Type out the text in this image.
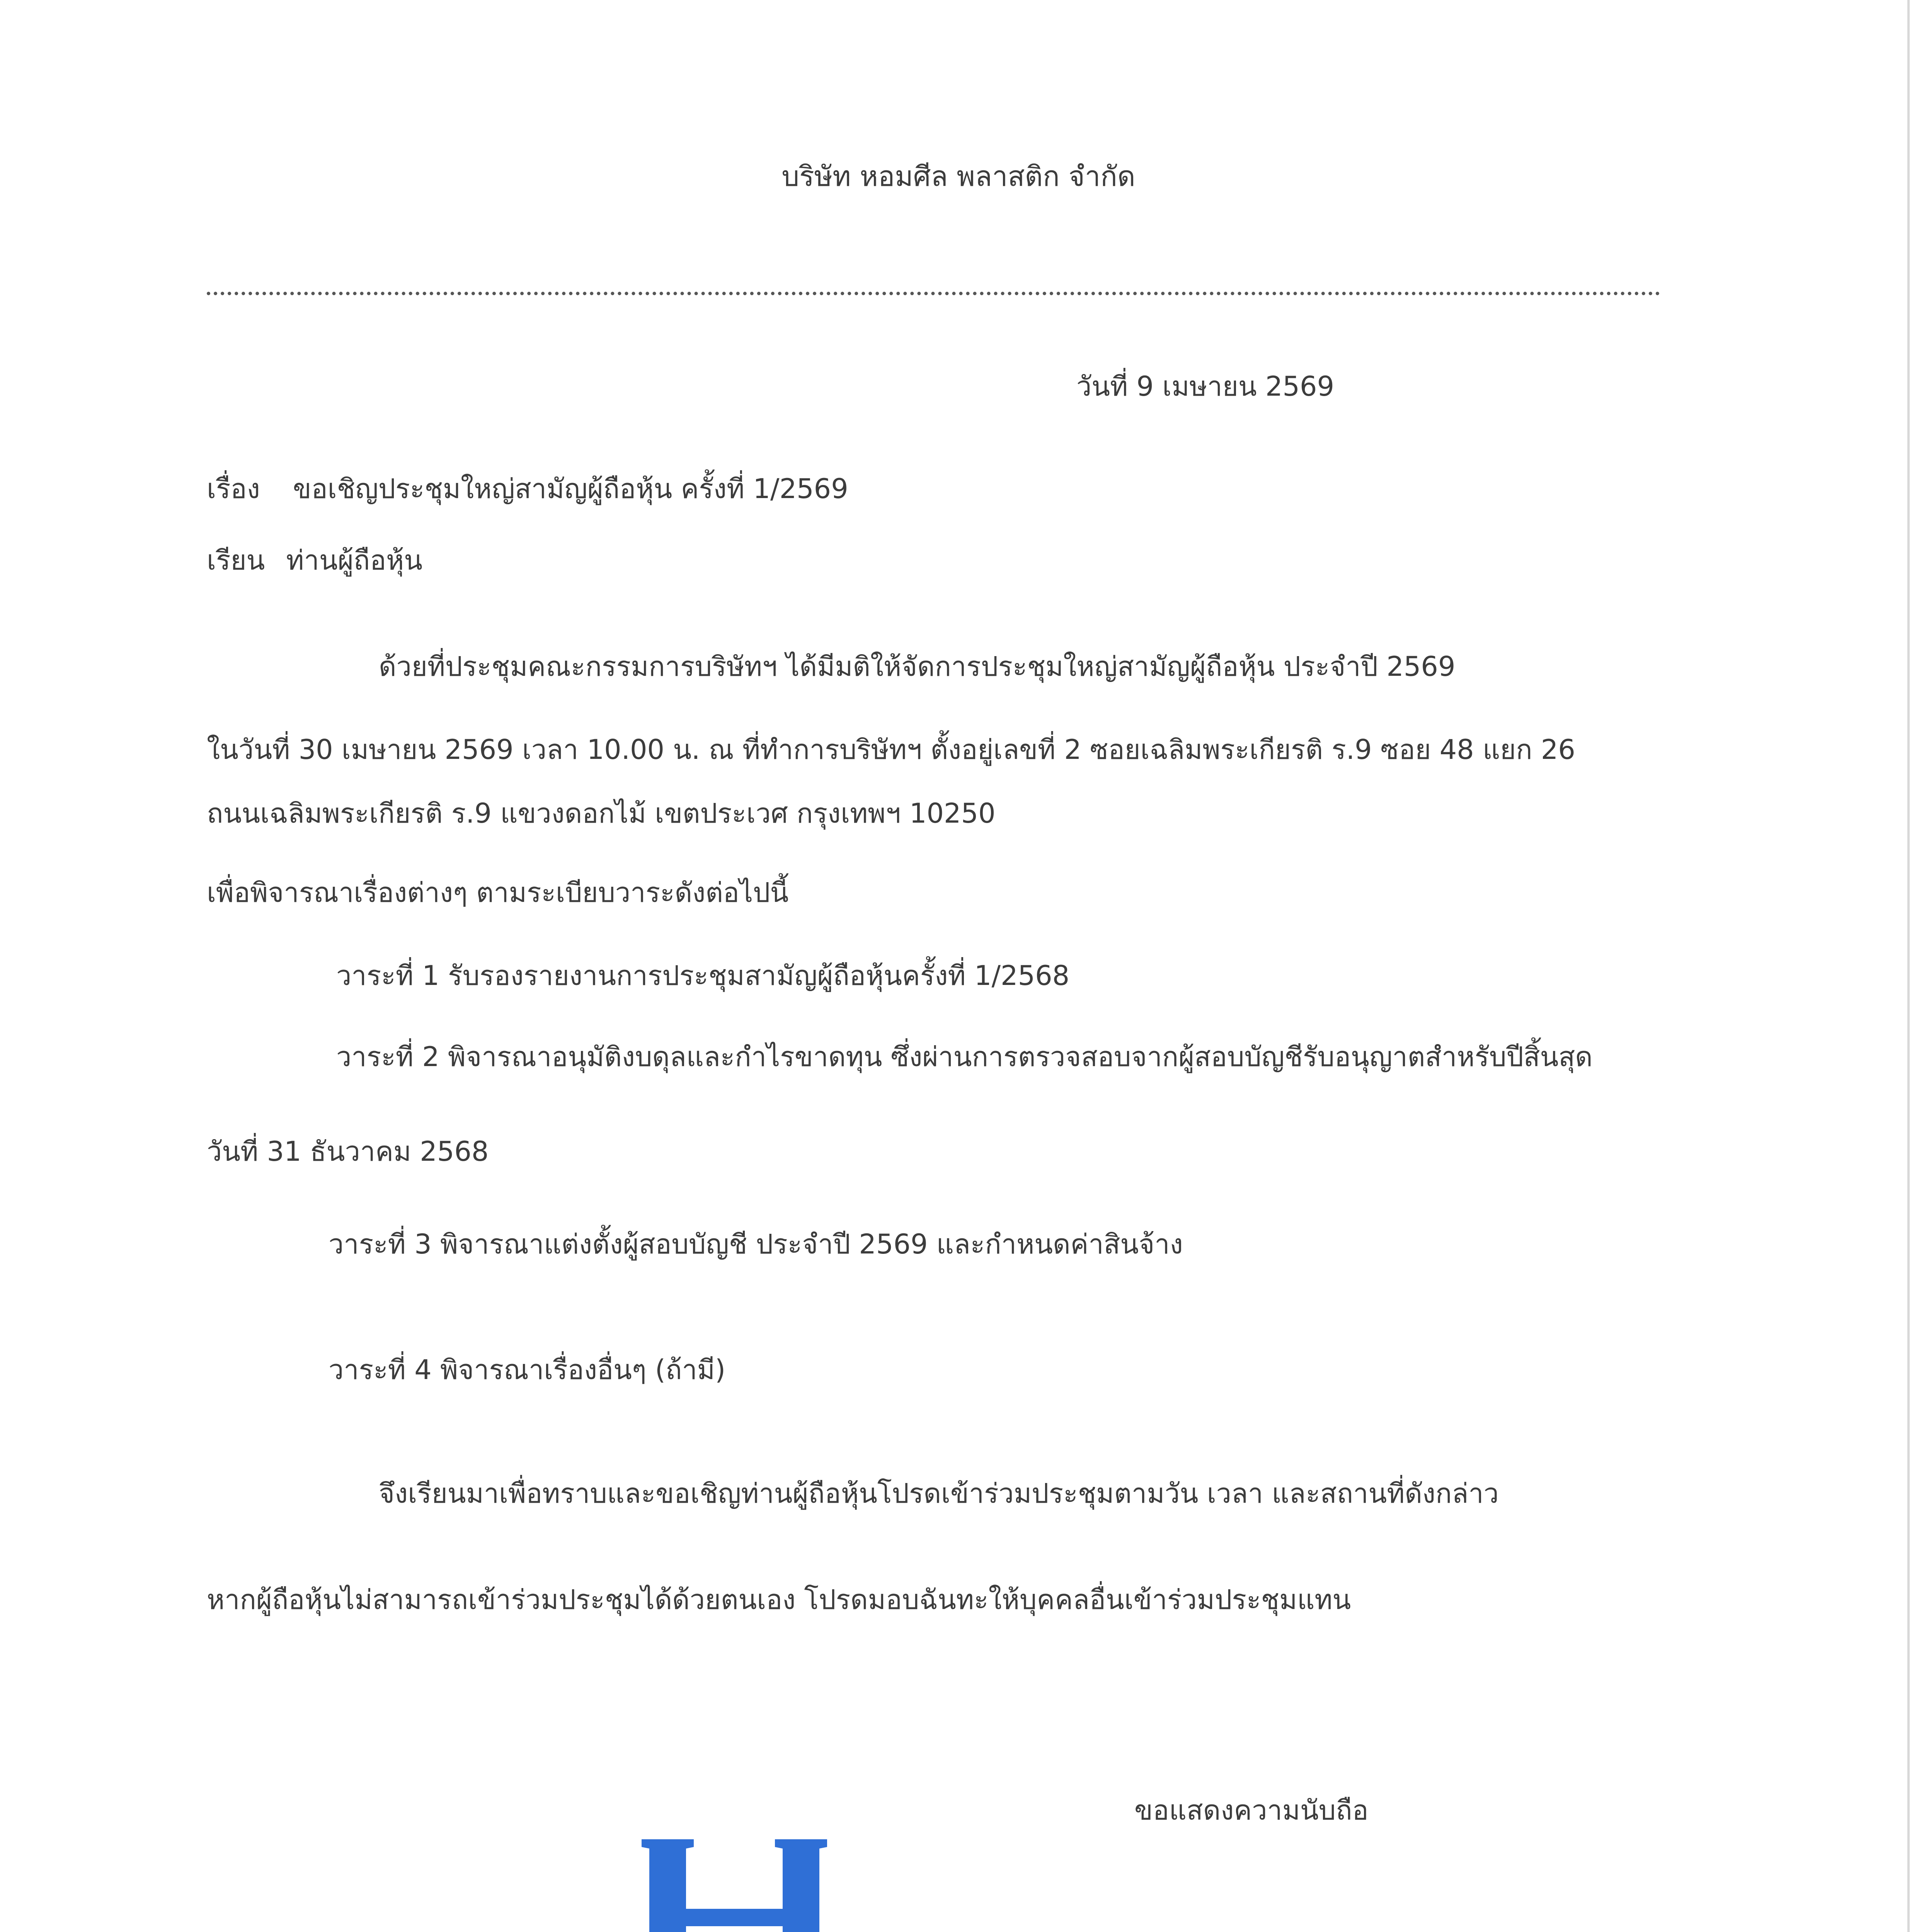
บริษัท หอมศีล พลาสติก จำกัด
วันที่ 9 เมษายน 2569
เรื่อง ขอเชิญประชุมใหญ่สามัญผู้ถือหุ้น ครั้งที่ 1/2569
เรียน ท่านผู้ถือหุ้น
ด้วยที่ประชุมคณะกรรมการบริษัทฯ ได้มีมติให้จัดการประชุมใหญ่สามัญผู้ถือหุ้น ประจำปี 2569
ในวันที่ 30 เมษายน 2569 เวลา 10.00 น. ณ ที่ทำการบริษัทฯ ตั้งอยู่เลขที่ 2 ซอยเฉลิมพระเกียรติ ร.9 ซอย 48 แยก 26
ถนนเฉลิมพระเกียรติ ร.9 แขวงดอกไม้ เขตประเวศ กรุงเทพฯ 10250
เพื่อพิจารณาเรื่องต่างๆ ตามระเบียบวาระดังต่อไปนี้
วาระที่ 1 รับรองรายงานการประชุมสามัญผู้ถือหุ้นครั้งที่ 1/2568
วาระที่ 2 พิจารณาอนุมัติงบดุลและกำไรขาดทุน ซึ่งผ่านการตรวจสอบจากผู้สอบบัญชีรับอนุญาตสำหรับปีสิ้นสุด
วันที่ 31 ธันวาคม 2568
วาระที่ 3 พิจารณาแต่งตั้งผู้สอบบัญชี ประจำปี 2569 และกำหนดค่าสินจ้าง
วาระที่ 4 พิจารณาเรื่องอื่นๆ (ถ้ามี)
จึงเรียนมาเพื่อทราบและขอเชิญท่านผู้ถือหุ้นโปรดเข้าร่วมประชุมตามวัน เวลา และสถานที่ดังกล่าว
หากผู้ถือหุ้นไม่สามารถเข้าร่วมประชุมได้ด้วยตนเอง โปรดมอบฉันทะให้บุคคลอื่นเข้าร่วมประชุมแทน
ขอแสดงความนับถือ
